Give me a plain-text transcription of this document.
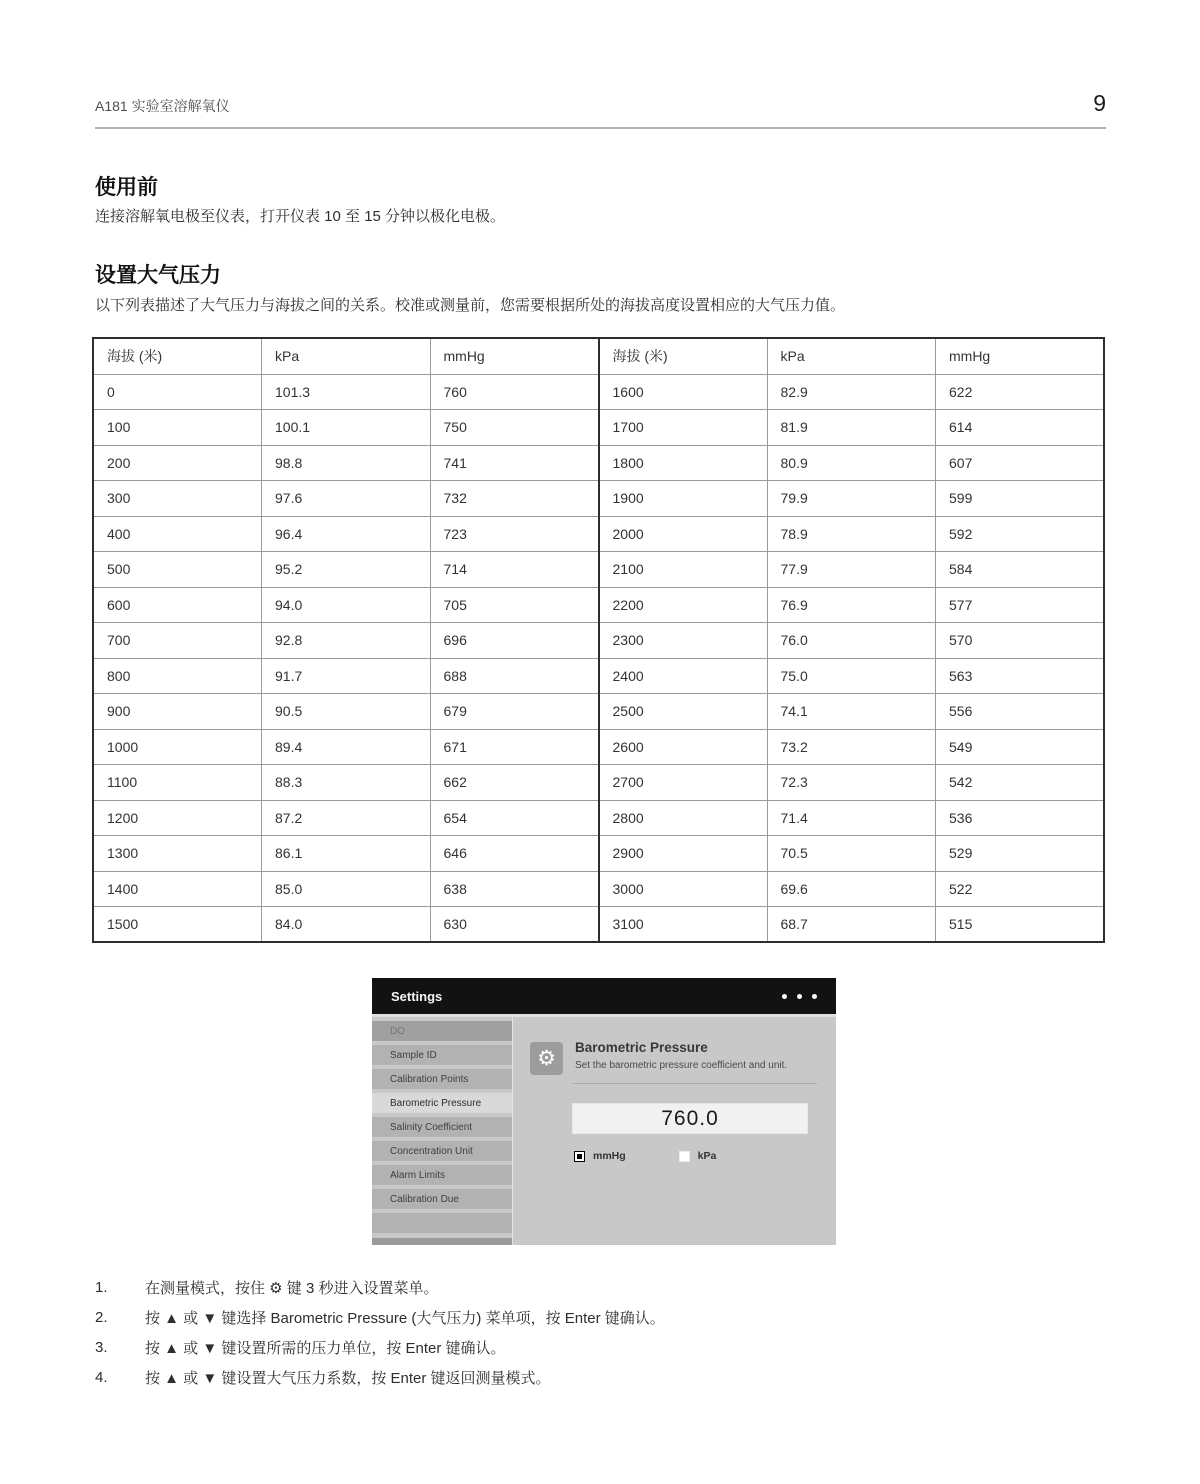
A181 实验室溶解氧仪	9
使用前
连接溶解氧电极至仪表，打开仪表 10 至 15 分钟以极化电极。
设置大气压力
以下列表描述了大气压力与海拔之间的关系。校准或测量前，您需要根据所处的海拔高度设置相应的大气压力值。
海拔 (米)	kPa	mmHg	海拔 (米)	kPa	mmHg
0	101.3	760	1600	82.9	622
100	100.1	750	1700	81.9	614
200	98.8	741	1800	80.9	607
300	97.6	732	1900	79.9	599
400	96.4	723	2000	78.9	592
500	95.2	714	2100	77.9	584
600	94.0	705	2200	76.9	577
700	92.8	696	2300	76.0	570
800	91.7	688	2400	75.0	563
900	90.5	679	2500	74.1	556
1000	89.4	671	2600	73.2	549
1100	88.3	662	2700	72.3	542
1200	87.2	654	2800	71.4	536
1300	86.1	646	2900	70.5	529
1400	85.0	638	3000	69.6	522
1500	84.0	630	3100	68.7	515
Settings
DO
Sample ID
Calibration Points
Barometric Pressure
Salinity Coefficient
Concentration Unit
Alarm Limits
Calibration Due
⚙ Barometric Pressure
Set the barometric pressure coefficient and unit.
760.0
mmHg	kPa
1.	在测量模式，按住 ⚙ 键 3 秒进入设置菜单。
2.	按 ▲ 或 ▼ 键选择 Barometric Pressure (大气压力) 菜单项，按 Enter 键确认。
3.	按 ▲ 或 ▼ 键设置所需的压力单位，按 Enter 键确认。
4.	按 ▲ 或 ▼ 键设置大气压力系数，按 Enter 键返回测量模式。
